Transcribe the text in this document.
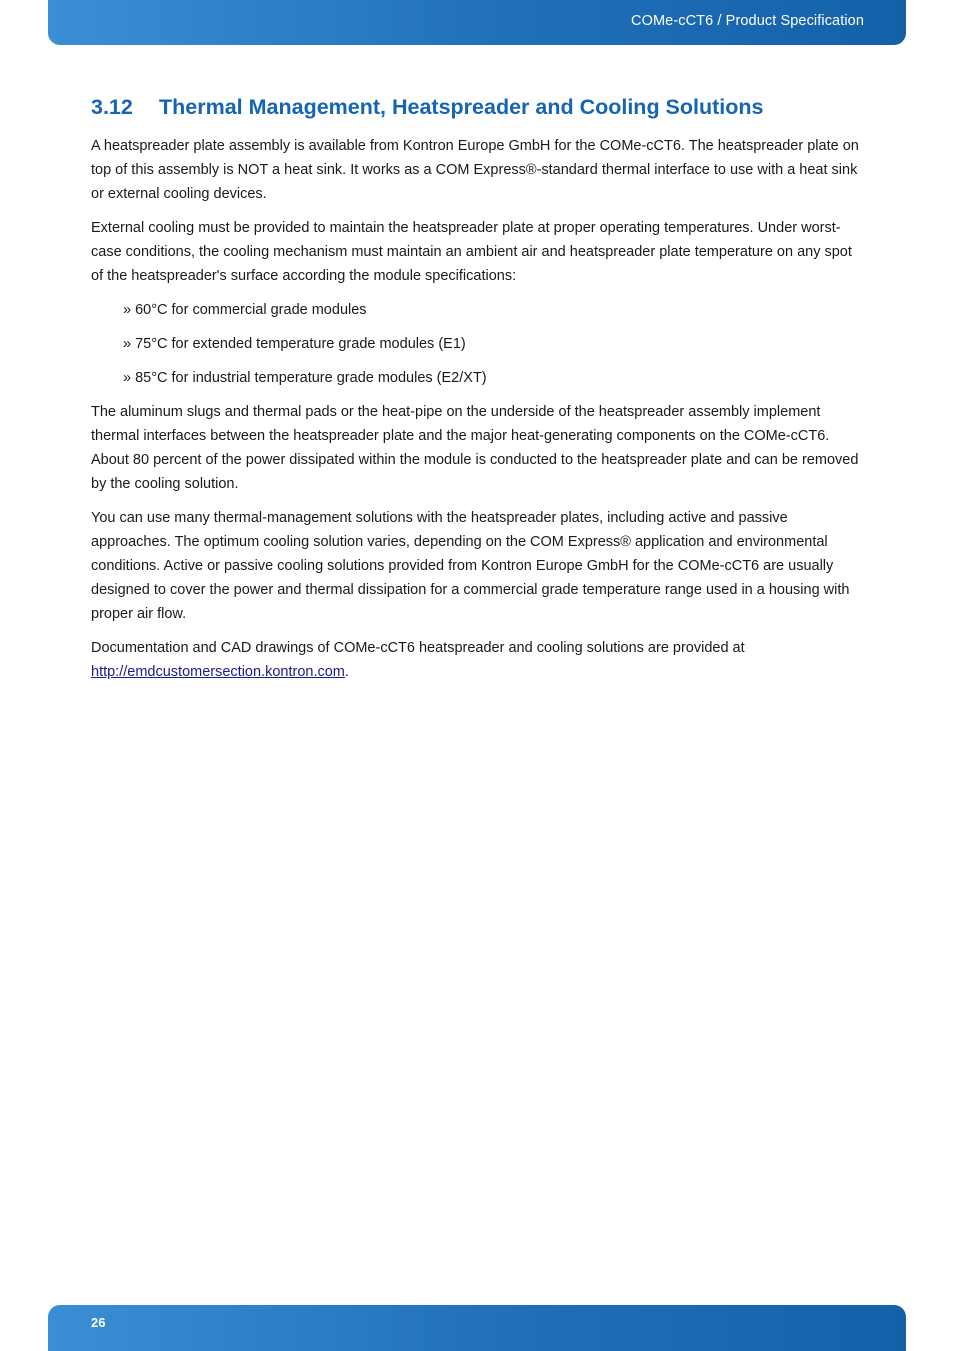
COMe-cCT6 / Product Specification
3.12 Thermal Management, Heatspreader and Cooling Solutions

A heatspreader plate assembly is available from Kontron Europe GmbH for the COMe-cCT6. The heatspreader plate on top of this assembly is NOT a heat sink. It works as a COM Express®-standard thermal interface to use with a heat sink or external cooling devices.

External cooling must be provided to maintain the heatspreader plate at proper operating temperatures. Under worst-case conditions, the cooling mechanism must maintain an ambient air and heatspreader plate temperature on any spot of the heatspreader's surface according the module specifications:

» 60°C for commercial grade modules
» 75°C for extended temperature grade modules (E1)
» 85°C for industrial temperature grade modules (E2/XT)

The aluminum slugs and thermal pads or the heat-pipe on the underside of the heatspreader assembly implement thermal interfaces between the heatspreader plate and the major heat-generating components on the COMe-cCT6. About 80 percent of the power dissipated within the module is conducted to the heatspreader plate and can be removed by the cooling solution.

You can use many thermal-management solutions with the heatspreader plates, including active and passive approaches. The optimum cooling solution varies, depending on the COM Express® application and environmental conditions. Active or passive cooling solutions provided from Kontron Europe GmbH for the COMe-cCT6 are usually designed to cover the power and thermal dissipation for a commercial grade temperature range used in a housing with proper air flow.

Documentation and CAD drawings of COMe-cCT6 heatspreader and cooling solutions are provided at
http://emdcustomersection.kontron.com.

26
